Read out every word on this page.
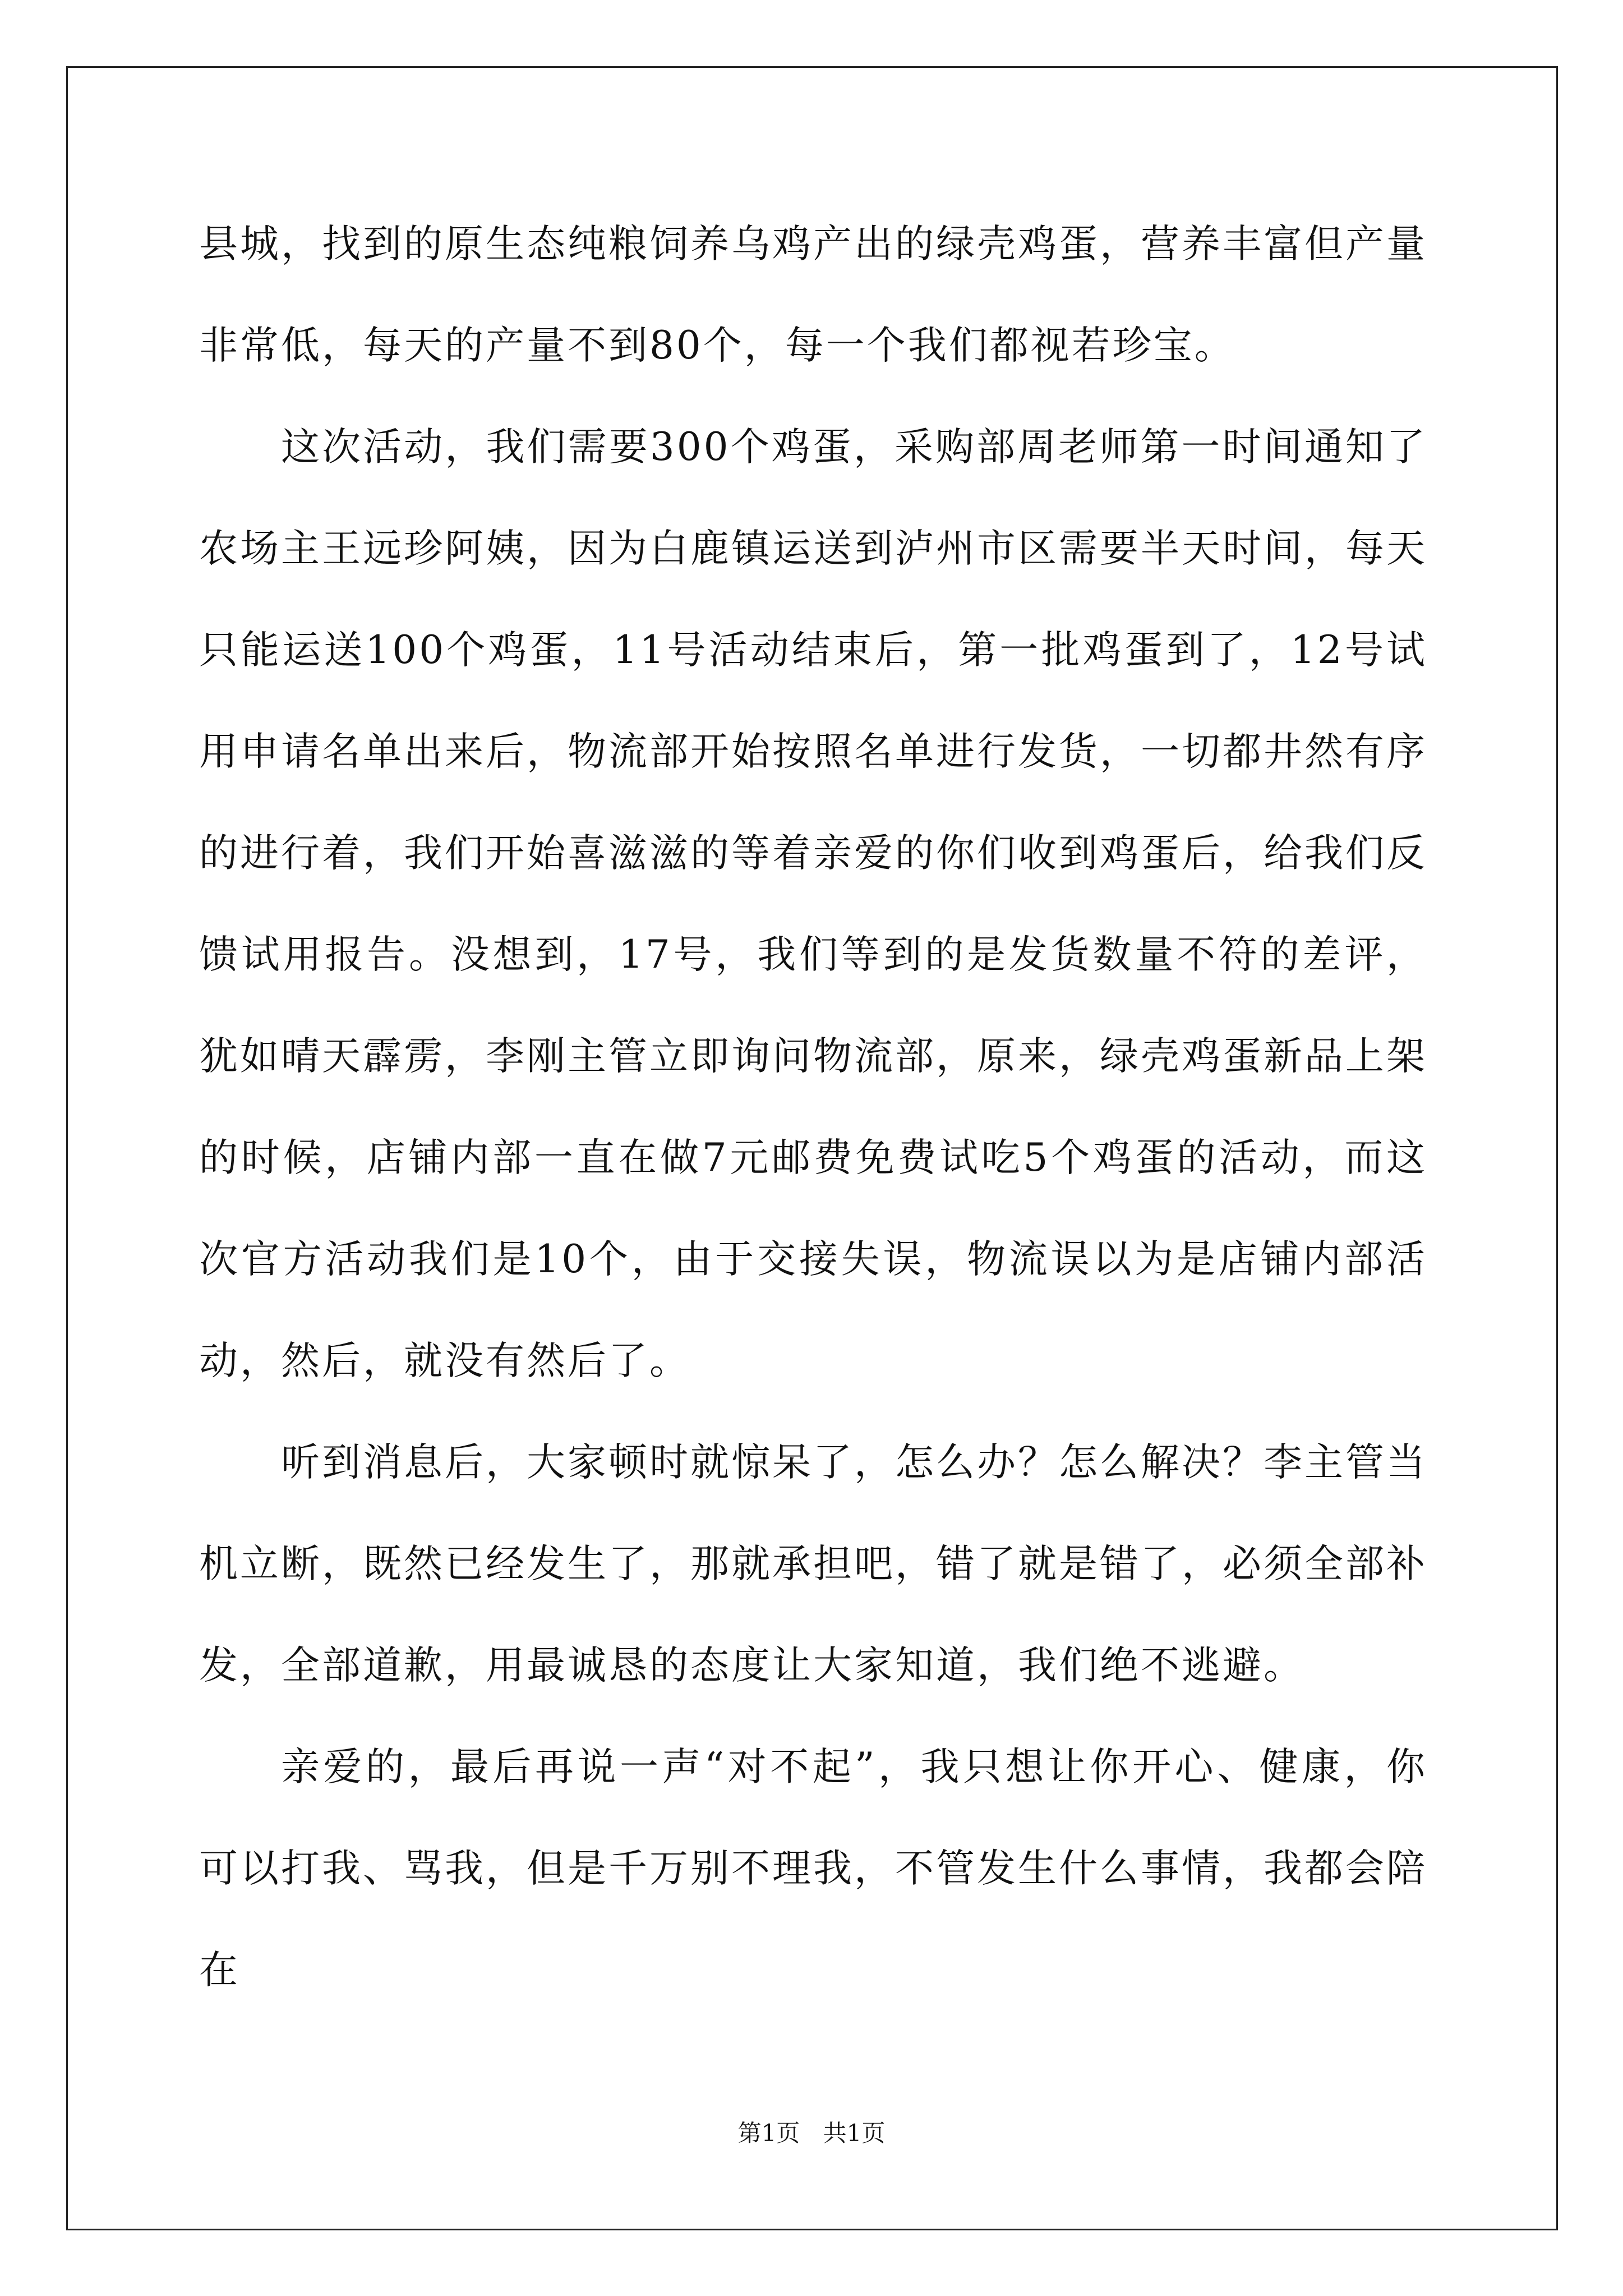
县城，找到的原生态纯粮饲养乌鸡产出的绿壳鸡蛋，营养丰富但产量非常低，每天的产量不到80个，每一个我们都视若珍宝。

这次活动，我们需要300个鸡蛋，采购部周老师第一时间通知了农场主王远珍阿姨，因为白鹿镇运送到泸州市区需要半天时间，每天只能运送100个鸡蛋，11号活动结束后，第一批鸡蛋到了，12号试用申请名单出来后，物流部开始按照名单进行发货，一切都井然有序的进行着，我们开始喜滋滋的等着亲爱的你们收到鸡蛋后，给我们反馈试用报告。没想到，17号，我们等到的是发货数量不符的差评，犹如晴天霹雳，李刚主管立即询问物流部，原来，绿壳鸡蛋新品上架的时候，店铺内部一直在做7元邮费免费试吃5个鸡蛋的活动，而这次官方活动我们是10个，由于交接失误，物流误以为是店铺内部活动，然后，就没有然后了。

听到消息后，大家顿时就惊呆了，怎么办？怎么解决？李主管当机立断，既然已经发生了，那就承担吧，错了就是错了，必须全部补发，全部道歉，用最诚恳的态度让大家知道，我们绝不逃避。

亲爱的，最后再说一声“对不起”，我只想让你开心、健康，你可以打我、骂我，但是千万别不理我，不管发生什么事情，我都会陪在

第1页 共1页
